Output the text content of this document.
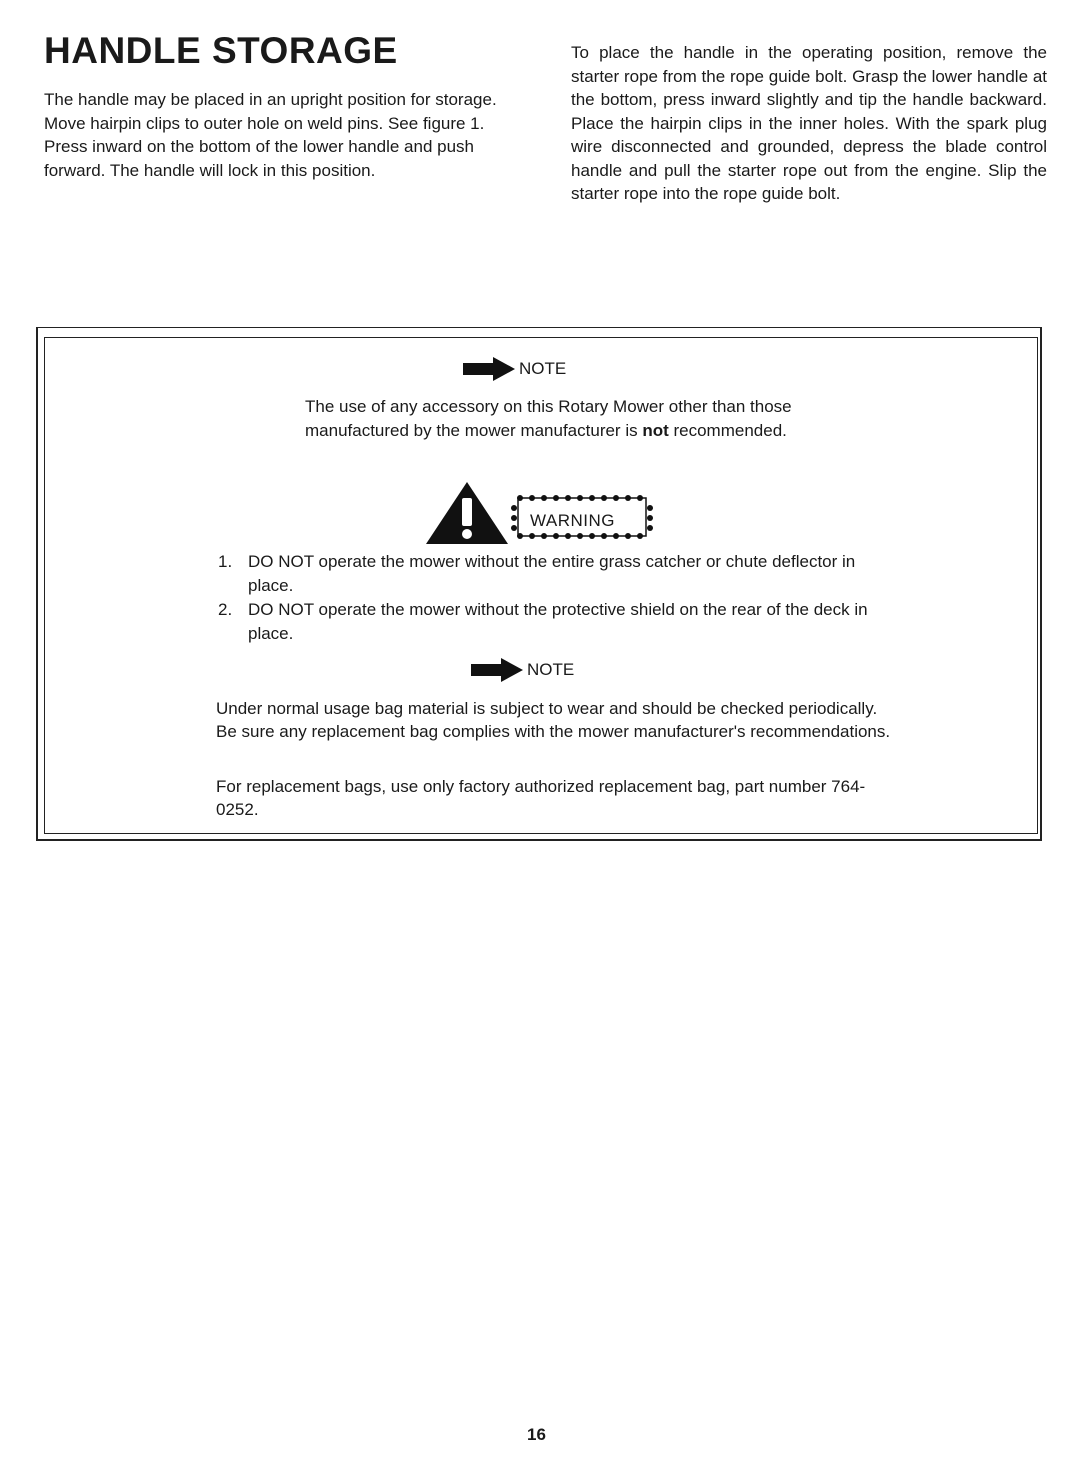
HANDLE STORAGE

The handle may be placed in an upright position for storage. Move hairpin clips to outer hole on weld pins. See figure 1. Press inward on the bottom of the lower handle and push forward. The handle will lock in this position.

To place the handle in the operating position, remove the starter rope from the rope guide bolt. Grasp the lower handle at the bottom, press inward slightly and tip the handle backward. Place the hairpin clips in the inner holes. With the spark plug wire disconnected and grounded, depress the blade control handle and pull the starter rope out from the engine. Slip the starter rope into the rope guide bolt.

NOTE

The use of any accessory on this Rotary Mower other than those manufactured by the mower manufacturer is not recommended.

WARNING
1. DO NOT operate the mower without the entire grass catcher or chute deflector in place.
2. DO NOT operate the mower without the protective shield on the rear of the deck in place.
NOTE

Under normal usage bag material is subject to wear and should be checked periodically. Be sure any replacement bag complies with the mower manufacturer's recommendations.

For replacement bags, use only factory authorized replacement bag, part number 764-0252.

16
